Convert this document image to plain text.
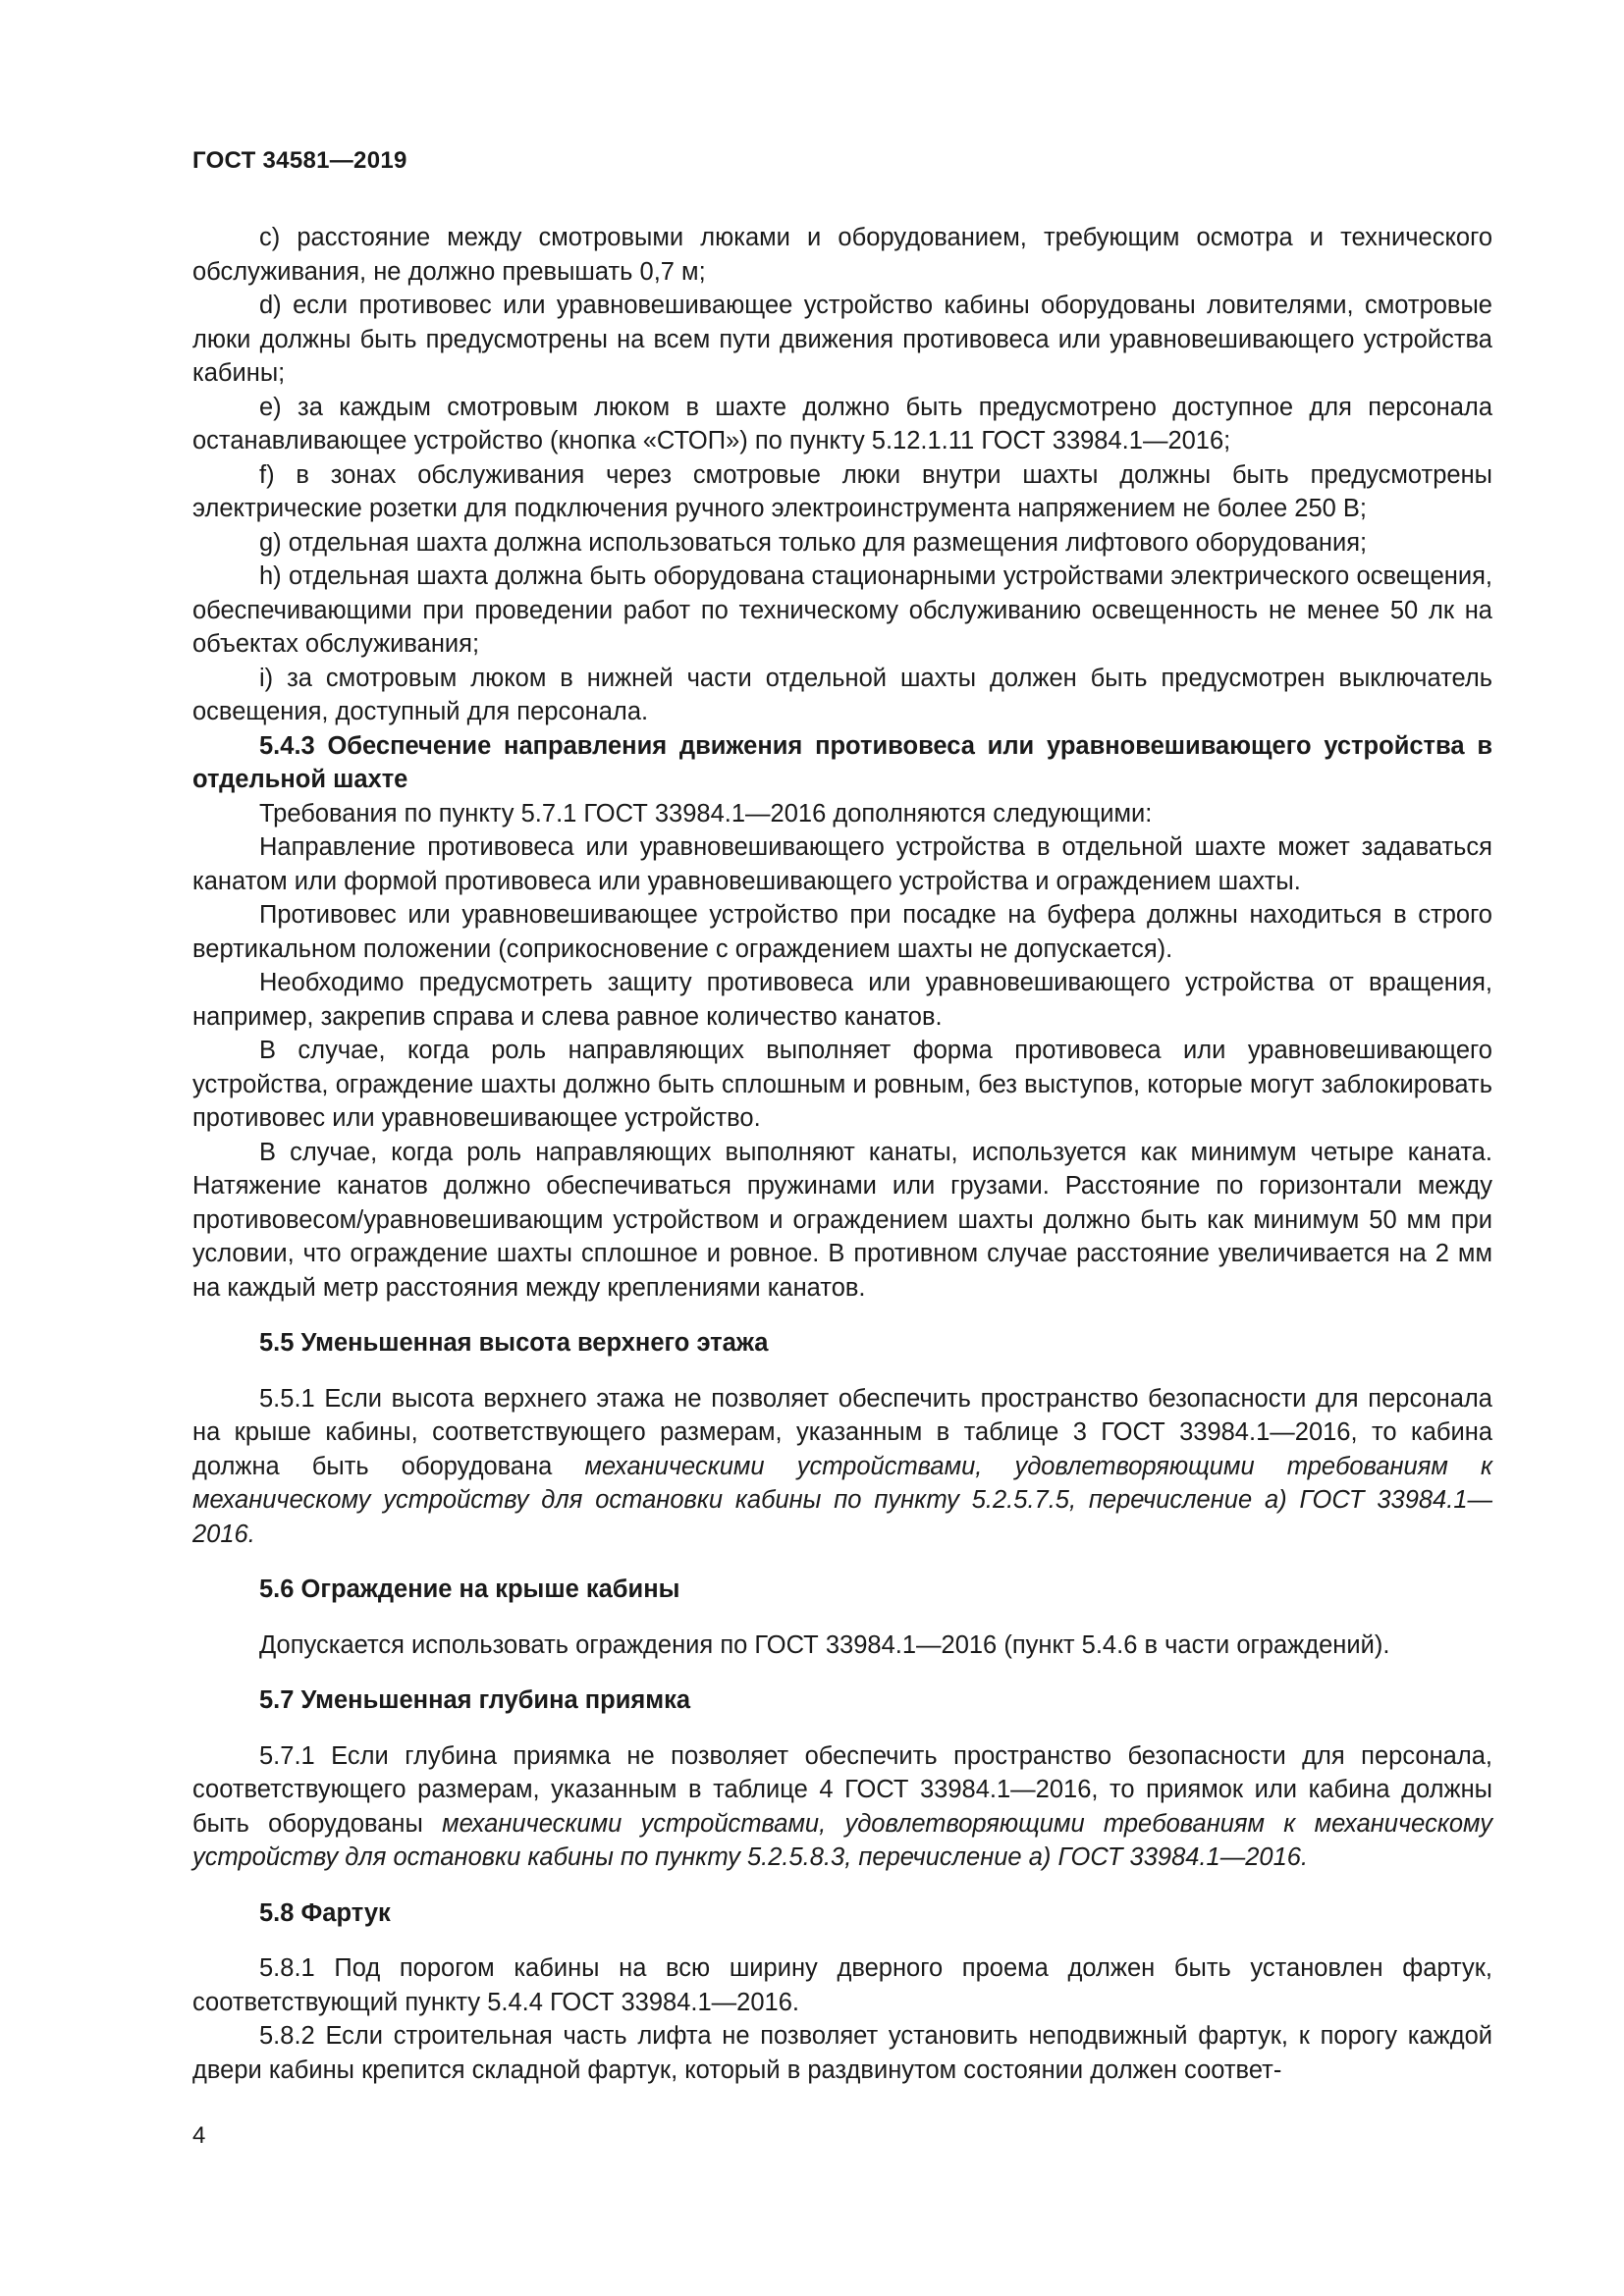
ГОСТ 34581—2019

c) расстояние между смотровыми люками и оборудованием, требующим осмотра и технического обслуживания, не должно превышать 0,7 м;

d) если противовес или уравновешивающее устройство кабины оборудованы ловителями, смотровые люки должны быть предусмотрены на всем пути движения противовеса или уравновешивающего устройства кабины;

e) за каждым смотровым люком в шахте должно быть предусмотрено доступное для персонала останавливающее устройство (кнопка «СТОП») по пункту 5.12.1.11 ГОСТ 33984.1—2016;

f) в зонах обслуживания через смотровые люки внутри шахты должны быть предусмотрены электрические розетки для подключения ручного электроинструмента напряжением не более 250 В;

g) отдельная шахта должна использоваться только для размещения лифтового оборудования;

h) отдельная шахта должна быть оборудована стационарными устройствами электрического освещения, обеспечивающими при проведении работ по техническому обслуживанию освещенность не менее 50 лк на объектах обслуживания;

i) за смотровым люком в нижней части отдельной шахты должен быть предусмотрен выключатель освещения, доступный для персонала.

5.4.3 Обеспечение направления движения противовеса или уравновешивающего устройства в отдельной шахте

Требования по пункту 5.7.1 ГОСТ 33984.1—2016 дополняются следующими:

Направление противовеса или уравновешивающего устройства в отдельной шахте может задаваться канатом или формой противовеса или уравновешивающего устройства и ограждением шахты.

Противовес или уравновешивающее устройство при посадке на буфера должны находиться в строго вертикальном положении (соприкосновение с ограждением шахты не допускается).

Необходимо предусмотреть защиту противовеса или уравновешивающего устройства от вращения, например, закрепив справа и слева равное количество канатов.

В случае, когда роль направляющих выполняет форма противовеса или уравновешивающего устройства, ограждение шахты должно быть сплошным и ровным, без выступов, которые могут заблокировать противовес или уравновешивающее устройство.

В случае, когда роль направляющих выполняют канаты, используется как минимум четыре каната. Натяжение канатов должно обеспечиваться пружинами или грузами. Расстояние по горизонтали между противовесом/уравновешивающим устройством и ограждением шахты должно быть как минимум 50 мм при условии, что ограждение шахты сплошное и ровное. В противном случае расстояние увеличивается на 2 мм на каждый метр расстояния между креплениями канатов.

5.5 Уменьшенная высота верхнего этажа

5.5.1 Если высота верхнего этажа не позволяет обеспечить пространство безопасности для персонала на крыше кабины, соответствующего размерам, указанным в таблице 3 ГОСТ 33984.1—2016, то кабина должна быть оборудована механическими устройствами, удовлетворяющими требованиям к механическому устройству для остановки кабины по пункту 5.2.5.7.5, перечисление а) ГОСТ 33984.1—2016.

5.6 Ограждение на крыше кабины

Допускается использовать ограждения по ГОСТ 33984.1—2016 (пункт 5.4.6 в части ограждений).

5.7 Уменьшенная глубина приямка

5.7.1 Если глубина приямка не позволяет обеспечить пространство безопасности для персонала, соответствующего размерам, указанным в таблице 4 ГОСТ 33984.1—2016, то приямок или кабина должны быть оборудованы механическими устройствами, удовлетворяющими требованиям к механическому устройству для остановки кабины по пункту 5.2.5.8.3, перечисление а) ГОСТ 33984.1—2016.

5.8 Фартук

5.8.1 Под порогом кабины на всю ширину дверного проема должен быть установлен фартук, соответствующий пункту 5.4.4 ГОСТ 33984.1—2016.

5.8.2 Если строительная часть лифта не позволяет установить неподвижный фартук, к порогу каждой двери кабины крепится складной фартук, который в раздвинутом состоянии должен соответ-

4
